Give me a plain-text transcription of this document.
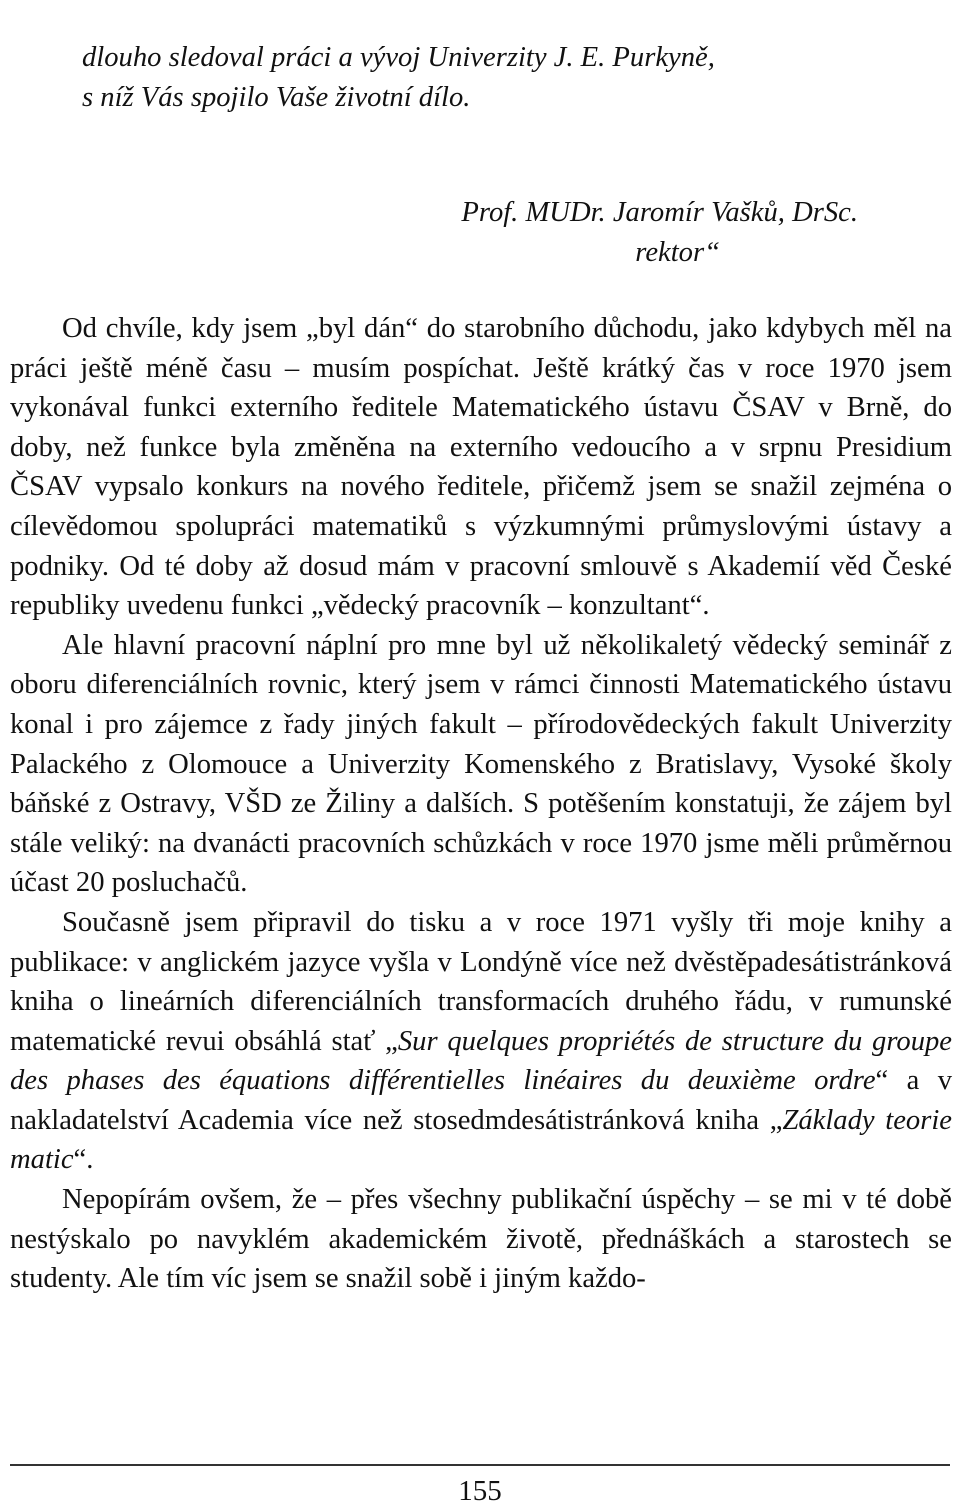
dlouho sledoval práci a vývoj Univerzity J. E. Purkyně,
s níž Vás spojilo Vaše životní dílo.
Prof. MUDr. Jaromír Vašků, DrSc.
rektor“

Od chvíle, kdy jsem „byl dán“ do starobního důchodu, jako kdybych měl na práci ještě méně času – musím pospíchat. Ještě krátký čas v roce 1970 jsem vykonával funkci externího ředitele Matematického ústavu ČSAV v Brně, do doby, než funkce byla změněna na externího vedoucího a v srpnu Presidium ČSAV vypsalo konkurs na nového ředitele, přičemž jsem se snažil zejména o cílevědomou spolupráci matematiků s výzkumnými průmyslovými ústavy a podniky. Od té doby až dosud mám v pracovní smlouvě s Akademií věd České republiky uvedenu funkci „vědecký pracovník – konzultant“.

Ale hlavní pracovní náplní pro mne byl už několikaletý vědecký seminář z oboru diferenciálních rovnic, který jsem v rámci činnosti Matematického ústavu konal i pro zájemce z řady jiných fakult – přírodovědeckých fakult Univerzity Palackého z Olomouce a Univerzity Komenského z Bratislavy, Vysoké školy báňské z Ostravy, VŠD ze Žiliny a dalších. S potěšením konstatuji, že zájem byl stále veliký: na dvanácti pracovních schůzkách v roce 1970 jsme měli průměrnou účast 20 posluchačů.

Současně jsem připravil do tisku a v roce 1971 vyšly tři moje knihy a publikace: v anglickém jazyce vyšla v Londýně více než dvěstěpadesátistránková kniha o lineárních diferenciálních transformacích druhého řádu, v rumunské matematické revui obsáhlá stať „Sur quelques propriétés de structure du groupe des phases des équations différentielles linéaires du deuxième ordre“ a v nakladatelství Academia více než stosedmdesátistránková kniha „Základy teorie matic“.

Nepopírám ovšem, že – přes všechny publikační úspěchy – se mi v té době nestýskalo po navyklém akademickém životě, přednáškách a starostech se studenty. Ale tím víc jsem se snažil sobě i jiným každo-

155
